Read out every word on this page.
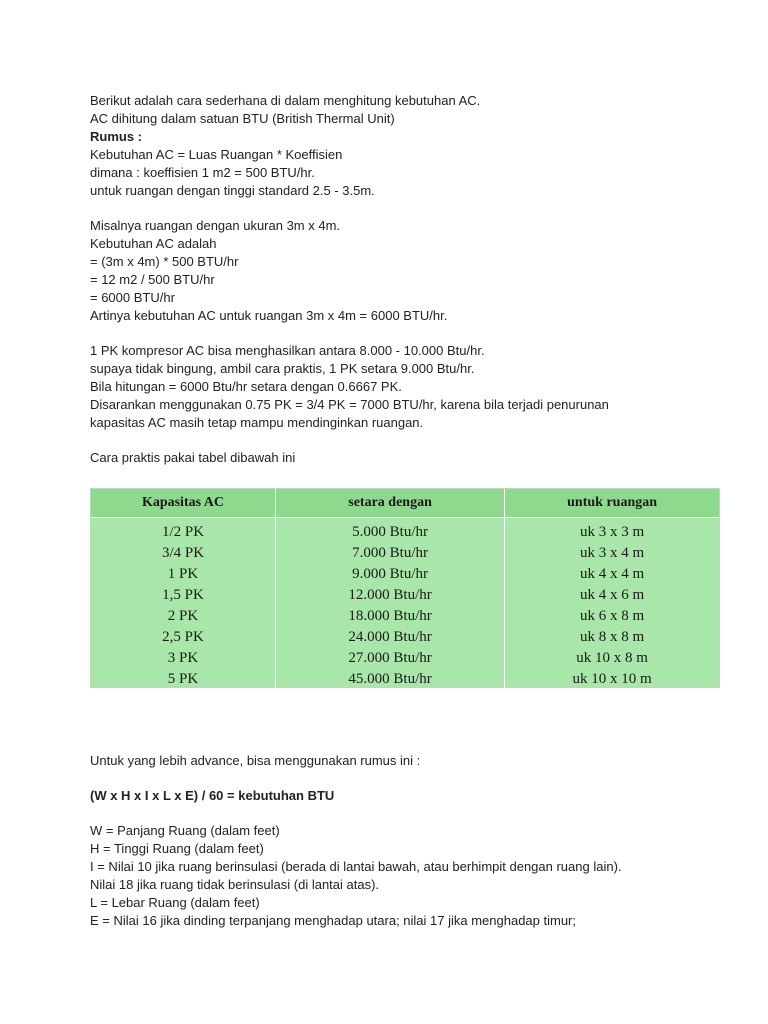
Berikut adalah cara sederhana di dalam menghitung kebutuhan AC.
AC dihitung dalam satuan BTU (British Thermal Unit)
Rumus :
Kebutuhan AC = Luas Ruangan * Koeffisien
dimana : koeffisien 1 m2 = 500 BTU/hr.
untuk ruangan dengan tinggi standard 2.5 - 3.5m.
Misalnya ruangan dengan ukuran 3m x 4m.
Kebutuhan AC adalah
= (3m x 4m) * 500 BTU/hr
= 12 m2 / 500 BTU/hr
= 6000 BTU/hr
Artinya kebutuhan AC untuk ruangan 3m x 4m = 6000 BTU/hr.
1 PK kompresor AC bisa menghasilkan antara 8.000 - 10.000 Btu/hr.
supaya tidak bingung, ambil cara praktis, 1 PK setara 9.000 Btu/hr.
Bila hitungan = 6000 Btu/hr setara dengan 0.6667 PK.
Disarankan menggunakan 0.75 PK = 3/4 PK = 7000 BTU/hr, karena bila terjadi penurunan
kapasitas AC masih tetap mampu mendinginkan ruangan.
Cara praktis pakai tabel dibawah ini
Kapasitas AC	setara dengan	untuk ruangan
1/2 PK	5.000 Btu/hr	uk 3 x 3 m
3/4 PK	7.000 Btu/hr	uk 3 x 4 m
1 PK	9.000 Btu/hr	uk 4 x 4 m
1,5 PK	12.000 Btu/hr	uk 4 x 6 m
2 PK	18.000 Btu/hr	uk 6 x 8 m
2,5 PK	24.000 Btu/hr	uk 8 x 8 m
3 PK	27.000 Btu/hr	uk 10 x 8 m
5 PK	45.000 Btu/hr	uk 10 x 10 m
Untuk yang lebih advance, bisa menggunakan rumus ini :
(W x H x I x L x E) / 60 = kebutuhan BTU
W = Panjang Ruang (dalam feet)
H = Tinggi Ruang (dalam feet)
I = Nilai 10 jika ruang berinsulasi (berada di lantai bawah, atau berhimpit dengan ruang lain).
Nilai 18 jika ruang tidak berinsulasi (di lantai atas).
L = Lebar Ruang (dalam feet)
E = Nilai 16 jika dinding terpanjang menghadap utara; nilai 17 jika menghadap timur;
